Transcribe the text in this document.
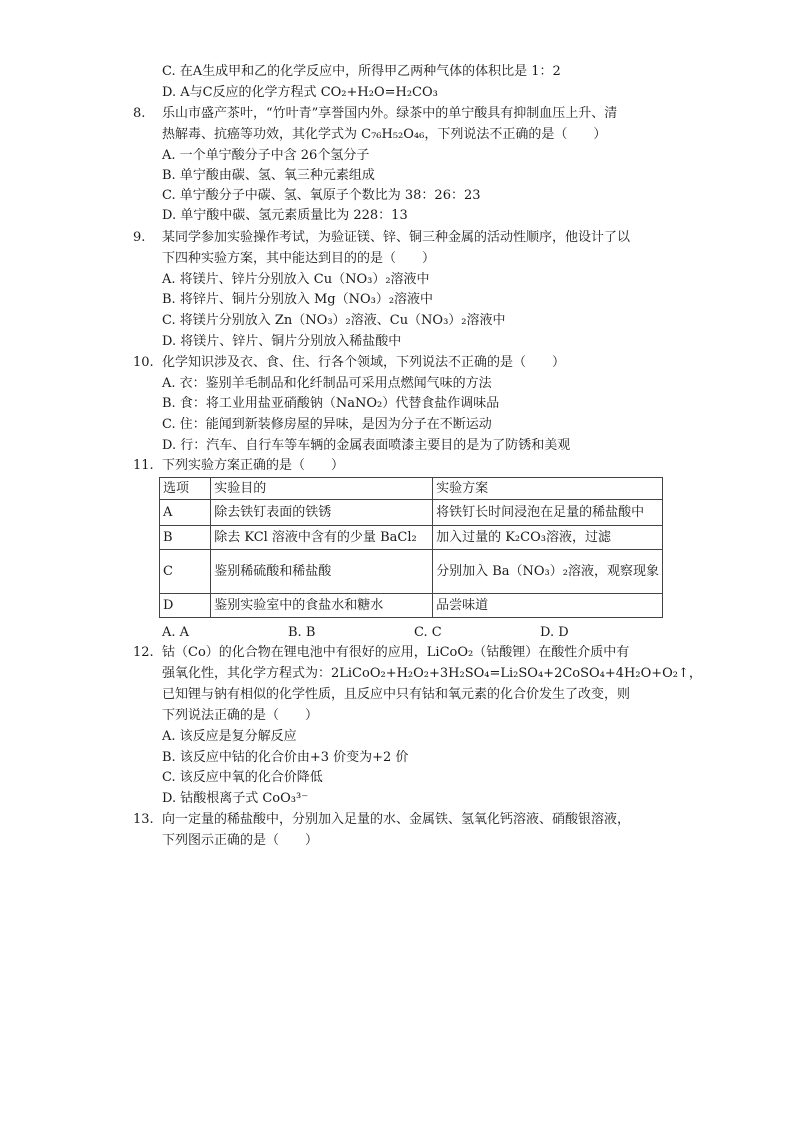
C. 在A生成甲和乙的化学反应中，所得甲乙两种气体的体积比是 1：2
D. A与C反应的化学方程式 CO₂+H₂O=H₂CO₃
8. 乐山市盛产茶叶，“竹叶青”享誉国内外。绿茶中的单宁酸具有抑制血压上升、清
热解毒、抗癌等功效，其化学式为 C₇₆H₅₂O₄₆，下列说法不正确的是（　　）
A. 一个单宁酸分子中含 26个氢分子
B. 单宁酸由碳、氢、氧三种元素组成
C. 单宁酸分子中碳、氢、氧原子个数比为 38：26：23
D. 单宁酸中碳、氢元素质量比为 228：13
9. 某同学参加实验操作考试，为验证镁、锌、铜三种金属的活动性顺序，他设计了以
下四种实验方案，其中能达到目的的是（　　）
A. 将镁片、锌片分别放入 Cu（NO₃）₂溶液中
B. 将锌片、铜片分别放入 Mg（NO₃）₂溶液中
C. 将镁片分别放入 Zn（NO₃）₂溶液、Cu（NO₃）₂溶液中
D. 将镁片、锌片、铜片分别放入稀盐酸中
10. 化学知识涉及衣、食、住、行各个领域，下列说法不正确的是（　　）
A. 衣：鉴别羊毛制品和化纤制品可采用点燃闻气味的方法
B. 食：将工业用盐亚硝酸钠（NaNO₂）代替食盐作调味品
C. 住：能闻到新装修房屋的异味，是因为分子在不断运动
D. 行：汽车、自行车等车辆的金属表面喷漆主要目的是为了防锈和美观
11. 下列实验方案正确的是（　　）
选项	实验目的	实验方案
A	除去铁钉表面的铁锈	将铁钉长时间浸泡在足量的稀盐酸中
B	除去 KCl 溶液中含有的少量 BaCl₂	加入过量的 K₂CO₃溶液，过滤
C	鉴别稀硫酸和稀盐酸	分别加入 Ba（NO₃）₂溶液，观察现象
D	鉴别实验室中的食盐水和糖水	品尝味道
A. A	B. B	C. C	D. D
12. 钴（Co）的化合物在锂电池中有很好的应用，LiCoO₂（钴酸锂）在酸性介质中有
强氧化性，其化学方程式为：2LiCoO₂+H₂O₂+3H₂SO₄=Li₂SO₄+2CoSO₄+4H₂O+O₂↑，
已知锂与钠有相似的化学性质，且反应中只有钴和氧元素的化合价发生了改变，则
下列说法正确的是（　　）
A. 该反应是复分解反应
B. 该反应中钴的化合价由+3 价变为+2 价
C. 该反应中氧的化合价降低
D. 钴酸根离子式 CoO₃³⁻
13. 向一定量的稀盐酸中，分别加入足量的水、金属铁、氢氧化钙溶液、硝酸银溶液，
下列图示正确的是（　　）
